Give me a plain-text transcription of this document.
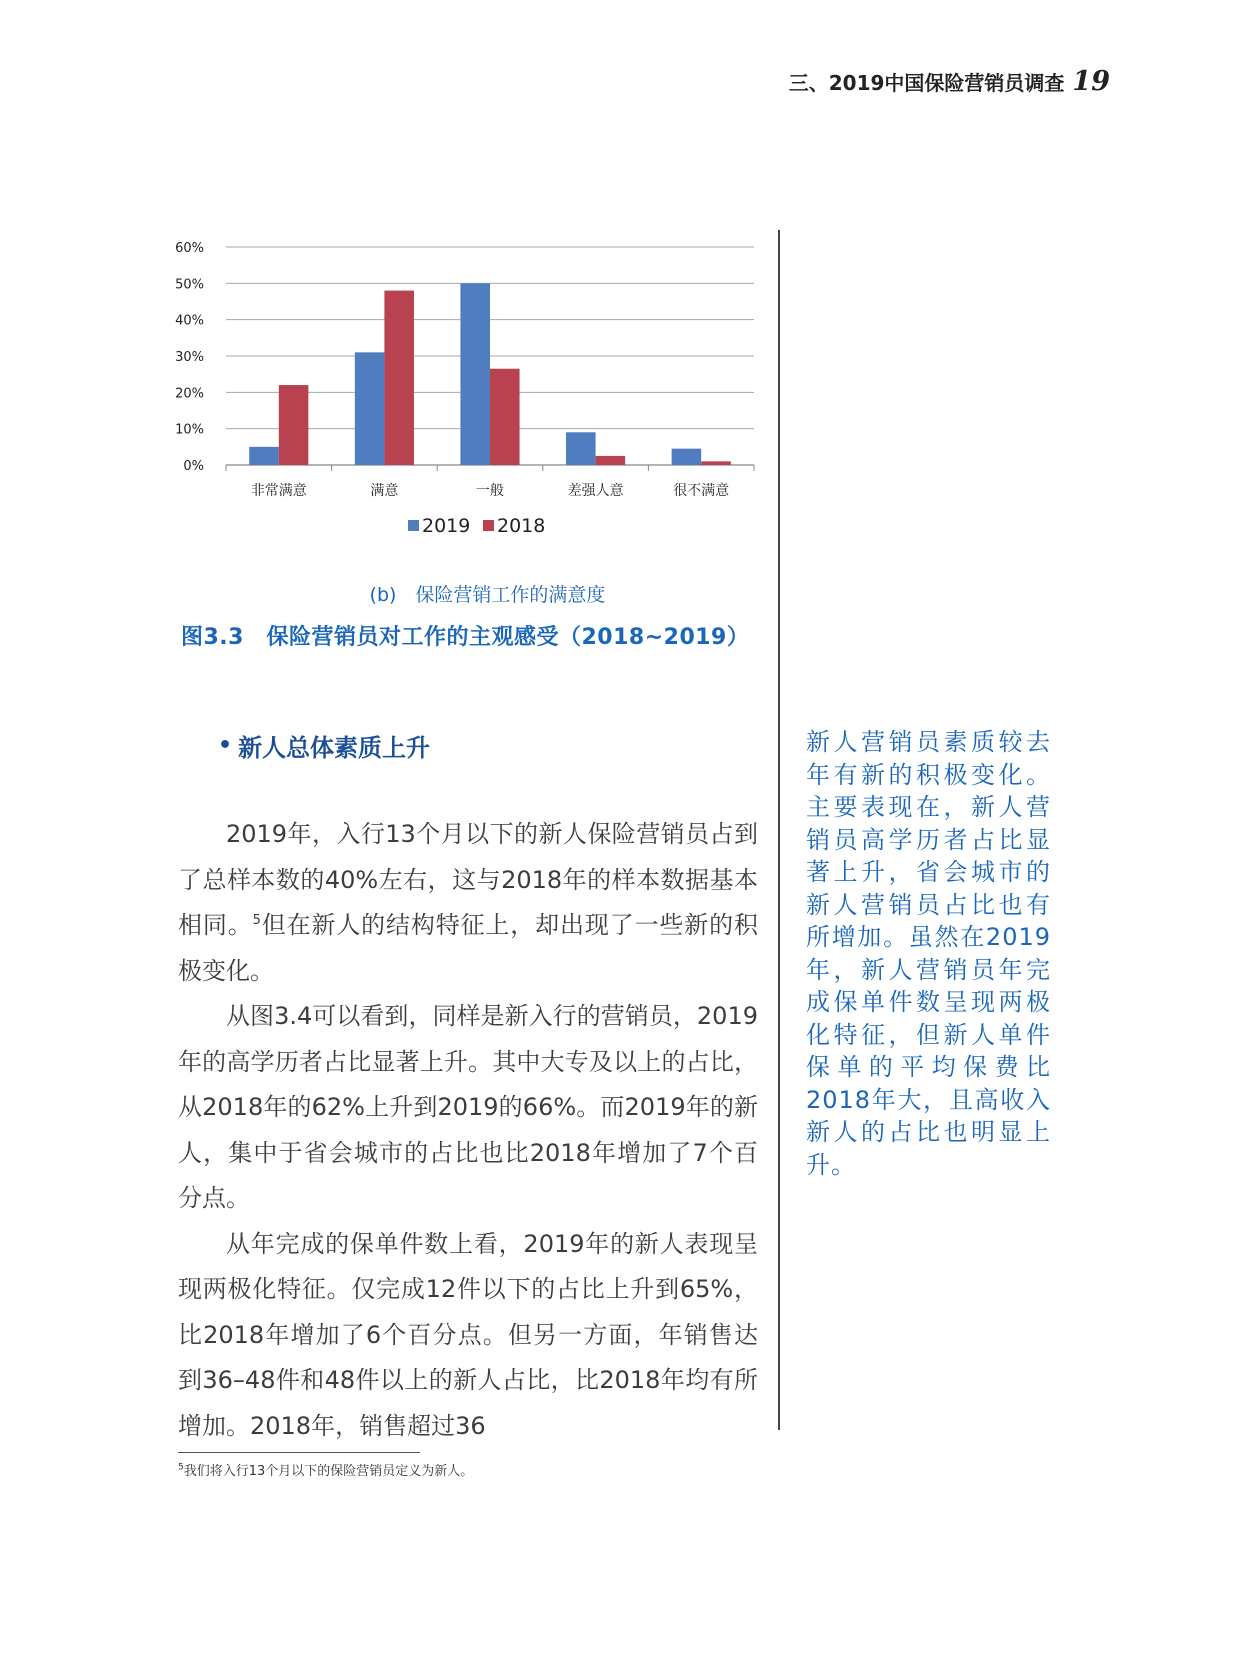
三、2019中国保险营销员调查 19
0%
10%
20%
30%
40%
50%
60%
非常满意	满意	一般	差强人意	很不满意
2019 2018
(b)　保险营销工作的满意度
图3.3　保险营销员对工作的主观感受（2018~2019）
• 新人总体素质上升

2019年，入行13个月以下的新人保险营销员占到了总样本数的40%左右，这与2018年的样本数据基本相同。$^5$但在新人的结构特征上，却出现了一些新的积极变化。

从图3.4可以看到，同样是新入行的营销员，2019年的高学历者占比显著上升。其中大专及以上的占比，从2018年的62%上升到2019的66%。而2019年的新人，集中于省会城市的占比也比2018年增加了7个百分点。

从年完成的保单件数上看，2019年的新人表现呈现两极化特征。仅完成12件以下的占比上升到65%，比2018年增加了6个百分点。但另一方面，年销售达到36–48件和48件以上的新人占比，比2018年均有所增加。2018年，销售超过36

新人营销员素质较去年有新的积极变化。主要表现在，新人营销员高学历者占比显著上升，省会城市的新人营销员占比也有所增加。虽然在2019年，新人营销员年完成保单件数呈现两极化特征，但新人单件保单的平均保费比2018年大，且高收入新人的占比也明显上升。
$^5$我们将入行13个月以下的保险营销员定义为新人。
